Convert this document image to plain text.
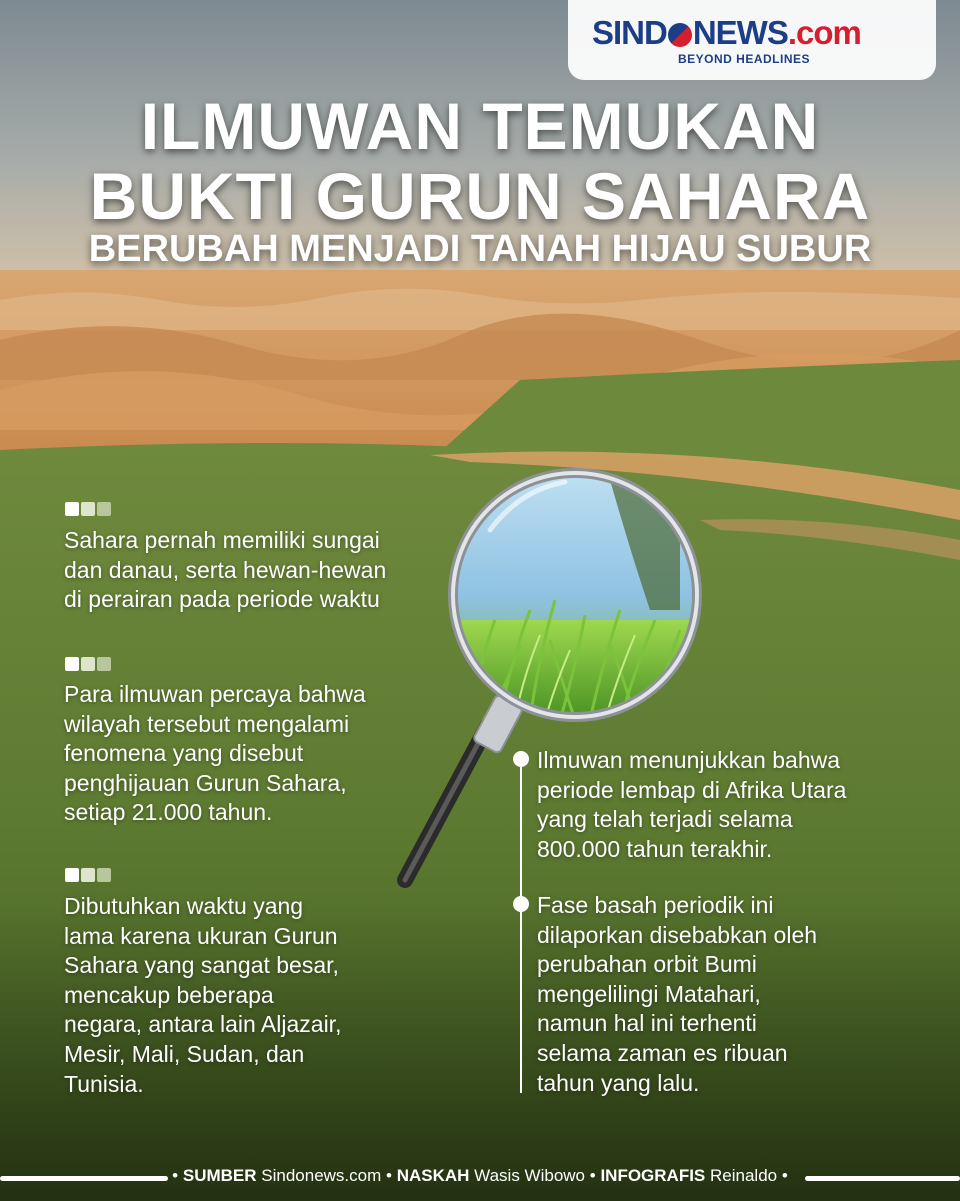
SIND NEWS.com
BEYOND HEADLINES
ILMUWAN TEMUKAN
BUKTI GURUN SAHARA
BERUBAH MENJADI TANAH HIJAU SUBUR
Sahara pernah memiliki sungai
dan danau, serta hewan-hewan
di perairan pada periode waktu
Para ilmuwan percaya bahwa
wilayah tersebut mengalami
fenomena yang disebut
penghijauan Gurun Sahara,
setiap 21.000 tahun.
Dibutuhkan waktu yang
lama karena ukuran Gurun
Sahara yang sangat besar,
mencakup beberapa
negara, antara lain Aljazair,
Mesir, Mali, Sudan, dan
Tunisia.
Ilmuwan menunjukkan bahwa
periode lembap di Afrika Utara
yang telah terjadi selama
800.000 tahun terakhir.
Fase basah periodik ini
dilaporkan disebabkan oleh
perubahan orbit Bumi
mengelilingi Matahari,
namun hal ini terhenti
selama zaman es ribuan
tahun yang lalu.
• SUMBER Sindonews.com • NASKAH Wasis Wibowo • INFOGRAFIS Reinaldo •
